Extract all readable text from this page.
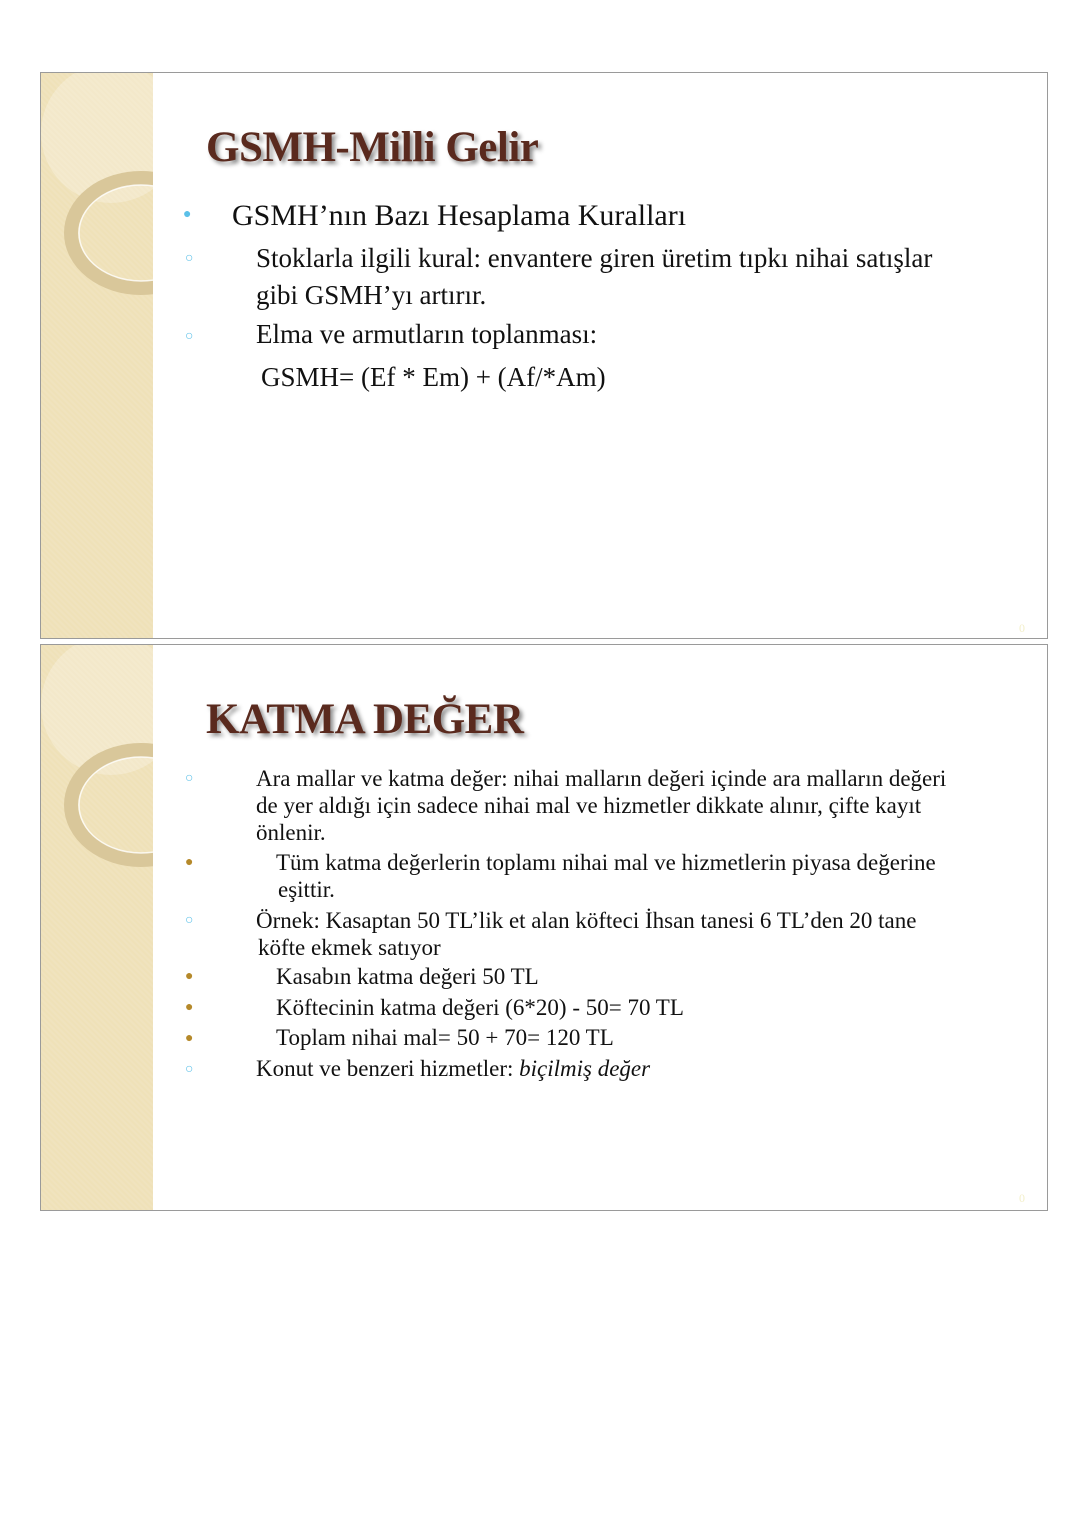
GSMH-Milli Gelir
● GSMH’nın Bazı Hesaplama Kuralları
○ Stoklarla ilgili kural: envantere giren üretim tıpkı nihai satışlar
gibi GSMH’yı artırır.
○ Elma ve armutların toplanması:
GSMH= (Ef * Em) + (Af/*Am)
0
KATMA DEĞER
○	Ara mallar ve katma değer: nihai malların değeri içinde ara malların değeri
de yer aldığı için sadece nihai mal ve hizmetler dikkate alınır, çifte kayıt
önlenir.
●	Tüm katma değerlerin toplamı nihai mal ve hizmetlerin piyasa değerine
eşittir.
○	Örnek: Kasaptan 50 TL’lik et alan köfteci İhsan tanesi 6 TL’den 20 tane
köfte ekmek satıyor
●	Kasabın katma değeri 50 TL
●	Köftecinin katma değeri (6*20) - 50= 70 TL
●	Toplam nihai mal= 50 + 70= 120 TL
○	Konut ve benzeri hizmetler: biçilmiş değer
0
